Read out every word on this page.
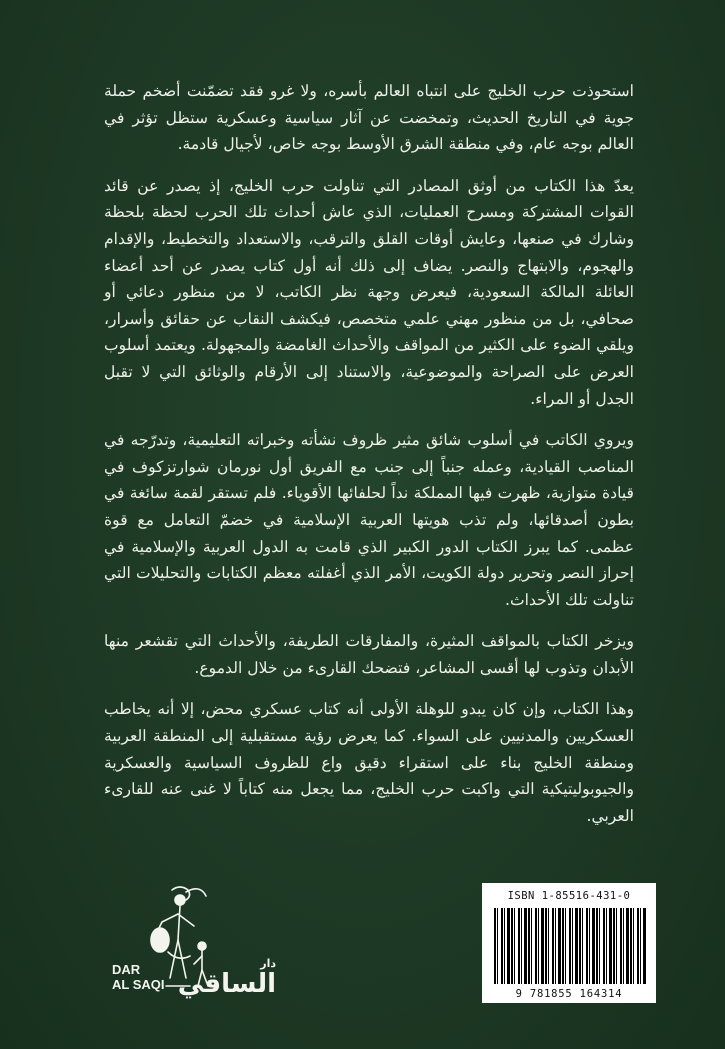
استحوذت حرب الخليج على انتباه العالم بأسره، ولا غرو فقد تضمّنت أضخم حملة جوية في التاريخ الحديث، وتمخضت عن آثار سياسية وعسكرية ستظل تؤثر في العالم بوجه عام، وفي منطقة الشرق الأوسط بوجه خاص، لأجيال قادمة.

يعدّ هذا الكتاب من أوثق المصادر التي تناولت حرب الخليج، إذ يصدر عن قائد القوات المشتركة ومسرح العمليات، الذي عاش أحداث تلك الحرب لحظة بلحظة وشارك في صنعها، وعايش أوقات القلق والترقب، والاستعداد والتخطيط، والإقدام والهجوم، والابتهاج والنصر. يضاف إلى ذلك أنه أول كتاب يصدر عن أحد أعضاء العائلة المالكة السعودية، فيعرض وجهة نظر الكاتب، لا من منظور دعائي أو صحافي، بل من منظور مهني علمي متخصص، فيكشف النقاب عن حقائق وأسرار، ويلقي الضوء على الكثير من المواقف والأحداث الغامضة والمجهولة. ويعتمد أسلوب العرض على الصراحة والموضوعية، والاستناد إلى الأرقام والوثائق التي لا تقبل الجدل أو المراء.

ويروي الكاتب في أسلوب شائق مثير ظروف نشأته وخبراته التعليمية، وتدرّجه في المناصب القيادية، وعمله جنباً إلى جنب مع الفريق أول نورمان شوارتزكوف في قيادة متوازية، ظهرت فيها المملكة نداً لحلفائها الأقوياء. فلم تستقر لقمة سائغة في بطون أصدقائها، ولم تذب هويتها العربية الإسلامية في خضمّ التعامل مع قوة عظمى. كما يبرز الكتاب الدور الكبير الذي قامت به الدول العربية والإسلامية في إحراز النصر وتحرير دولة الكويت، الأمر الذي أغفلته معظم الكتابات والتحليلات التي تناولت تلك الأحداث.

ويزخر الكتاب بالمواقف المثيرة، والمفارقات الطريفة، والأحداث التي تقشعر منها الأبدان وتذوب لها أقسى المشاعر، فتضحك القارىء من خلال الدموع.

وهذا الكتاب، وإن كان يبدو للوهلة الأولى أنه كتاب عسكري محض، إلا أنه يخاطب العسكريين والمدنيين على السواء. كما يعرض رؤية مستقبلية إلى المنطقة العربية ومنطقة الخليج بناء على استقراء دقيق واع للظروف السياسية والعسكرية والجيوبوليتيكية التي واكبت حرب الخليج، مما يجعل منه كتاباً لا غنى عنه للقارىء العربي.

DAR
AL SAQI
دار
الساقي
ISBN 1-85516-431-0
9 781855 164314
